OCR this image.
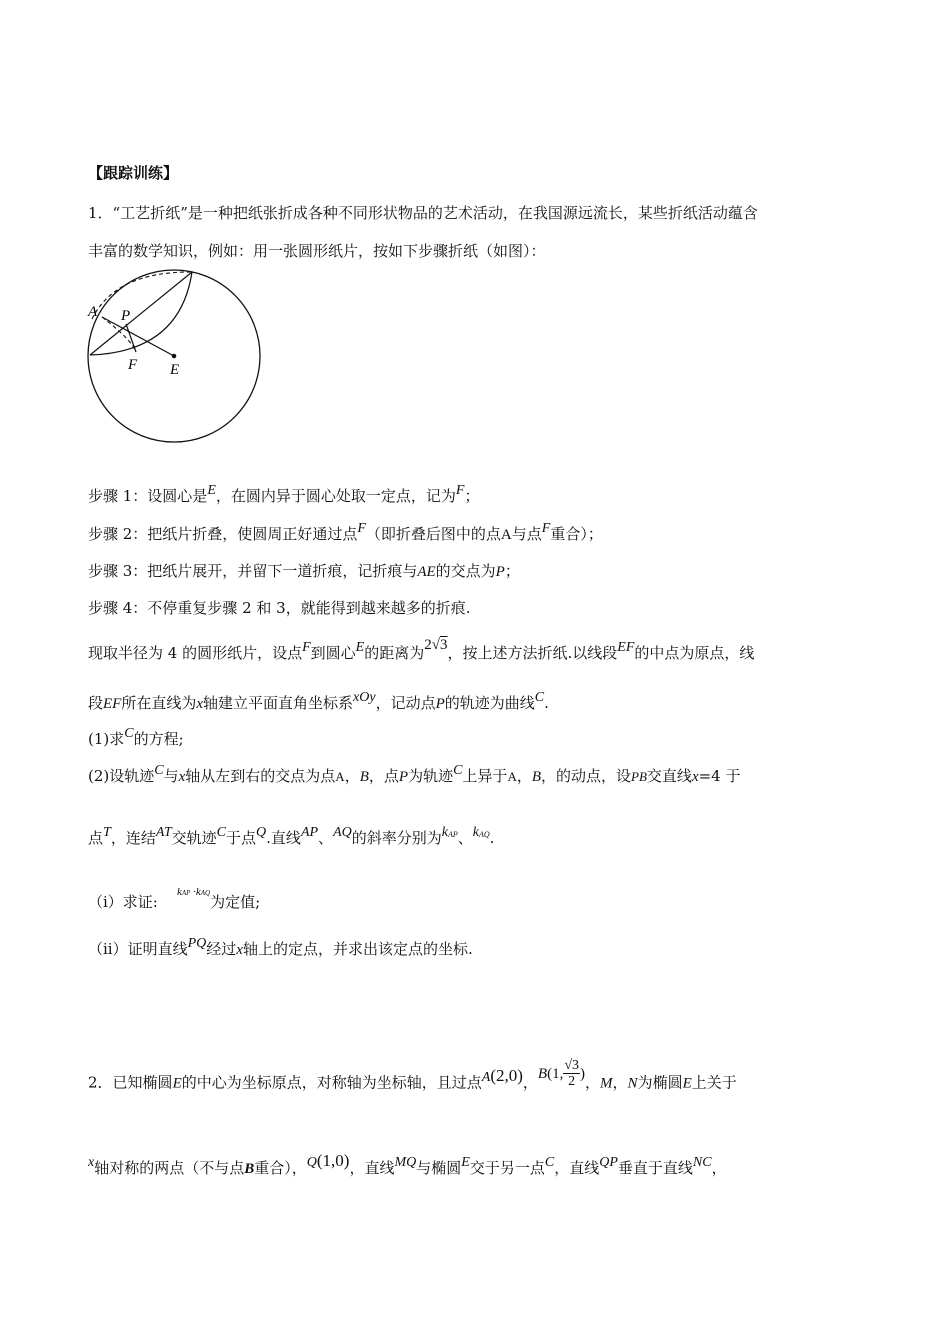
【跟踪训练】
1．“工艺折纸”是一种把纸张折成各种不同形状物品的艺术活动，在我国源远流长，某些折纸活动蕴含
丰富的数学知识，例如：用一张圆形纸片，按如下步骤折纸（如图）：
A P
F E
步骤 1：设圆心是E，在圆内异于圆心处取一定点，记为F；
步骤 2：把纸片折叠，使圆周正好通过点F（即折叠后图中的点A与点F重合）；
步骤 3：把纸片展开，并留下一道折痕，记折痕与AE的交点为P；
步骤 4：不停重复步骤 2 和 3，就能得到越来越多的折痕.
现取半径为 4 的圆形纸片，设点F到圆心E的距离为2√3，按上述方法折纸.以线段EF的中点为原点，线
段EF所在直线为x轴建立平面直角坐标系xOy，记动点P的轨迹为曲线C.
(1)求C的方程;
(2)设轨迹C与x轴从左到右的交点为点A，B，点P为轨迹C上异于A，B，的动点，设PB交直线x=4 于
点T，连结AT交轨迹C于点Q.直线AP、AQ的斜率分别为$k^{AP}$、$k^{AQ}$.
（i）求证:    $^{kAP \cdot kAQ}$为定值;
（ii）证明直线PQ经过x轴上的定点，并求出该定点的坐标.
2．已知椭圆E的中心为坐标原点，对称轴为坐标轴，且过点A(2,0)，B(1, $\frac{√3}{2}$ )，M，N为椭圆E上关于
x轴对称的两点（不与点B重合），Q(1,0)，直线MQ与椭圆E交于另一点C，直线QP垂直于直线NC，
